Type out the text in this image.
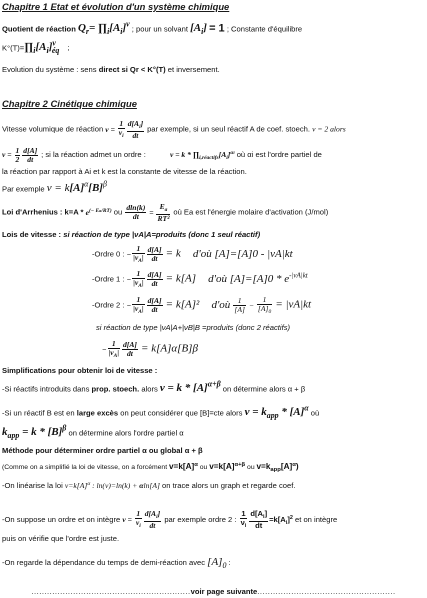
Chapitre 1 Etat et évolution d'un système chimique
Quotient de réaction $Q_r=$ $\prod_i[A_i]^\nu$ ; pour un solvant $[A_i] = 1$ ; Constante d'équilibre
$K^\circ(T)=\prod_i[A_i]^\nu_{éq}$ ;
Evolution du système : sens direct si Qr < K°(T) et inversement.
Chapitre 2 Cinétique chimique
Vitesse volumique de réaction $v = \frac{1}{\nu_i} \frac{d[A_i]}{dt}$ par exemple, si un seul réactif A de coef. stoech. ν = 2 alors
$v = \frac{1}{2} \frac{d[A]}{dt}$ ; si la réaction admet un ordre :	$v = k * \prod_{i,réactifs}[A_i]^{\alpha i}$ où αi est l'ordre partiel de
la réaction par rapport à Ai et k est la constante de vitesse de la réaction.
Par exemple $v = k[A]^\alpha[B]^\beta$
Loi d'Arrhenius : $k=A * e^{(- Ea/RT)}$ ou $\frac{dln(k)}{dt} = \frac{E_a}{\text{RT²}}$ où Ea est l'énergie molaire d'activation (J/mol)
Lois de vitesse : si réaction de type |νA|A=produits (donc 1 seul réactif)
-Ordre 0 : − $\frac{1}{|\nu_A|} \frac{d[A]}{dt} = k$ d'où [A]=[A]0 - |νA|kt
-Ordre 1 : − $\frac{1}{|\nu_A|} \frac{d[A]}{dt} = k[A]$ d'où [A]=[A]0 * e-|νA|kt
-Ordre 2 : − $\frac{1}{|\nu_A|} \frac{d[A]}{dt} = k[A]^2$ d'où $\frac{1}{[A]} - \frac{1}{[A]_0} = |\nu A|kt$
si réaction de type |νA|A+|νB|B =produits (donc 2 réactifs)
− $\frac{1}{|\nu_A|} \frac{d[A]}{dt} = k[A]\alpha[B]\beta$
Simplifications pour obtenir loi de vitesse :
-Si réactifs introduits dans prop. stoech. alors $v = k * [A]^{\alpha+\beta}$ on détermine alors α + β
-Si un réactif B est en large excès on peut considérer que [B]=cte alors $v = k_{app} * [A]^\alpha$ où
$k_{app} = k * [B]^\beta$ on détermine alors l'ordre partiel α
Méthode pour déterminer ordre partiel α ou global α + β
(Comme on a simplifié la loi de vitesse, on a forcément $v=k[A]^\alpha$ ou $v=k[A]^{\alpha+\beta}$ ou $v=k_{app}[A]^\alpha$)
-On linéarise la loi $v=k[A]^\alpha$ : ln(v)=ln(k) + αln[A] on trace alors un graph et regarde coef.
-On suppose un ordre et on intègre $v = \frac{1}{\nu_i} \frac{d[A_i]}{dt}$ par exemple ordre 2 : $\frac{1}{\nu_i} \frac{d[A_i]}{dt} =k[A_i]^2$ et on intègre
puis on vérifie que l'ordre est juste.
-On regarde la dépendance du temps de demi-réaction avec $[A]_0$ :
.............................................................voir page suivante.....................................................
